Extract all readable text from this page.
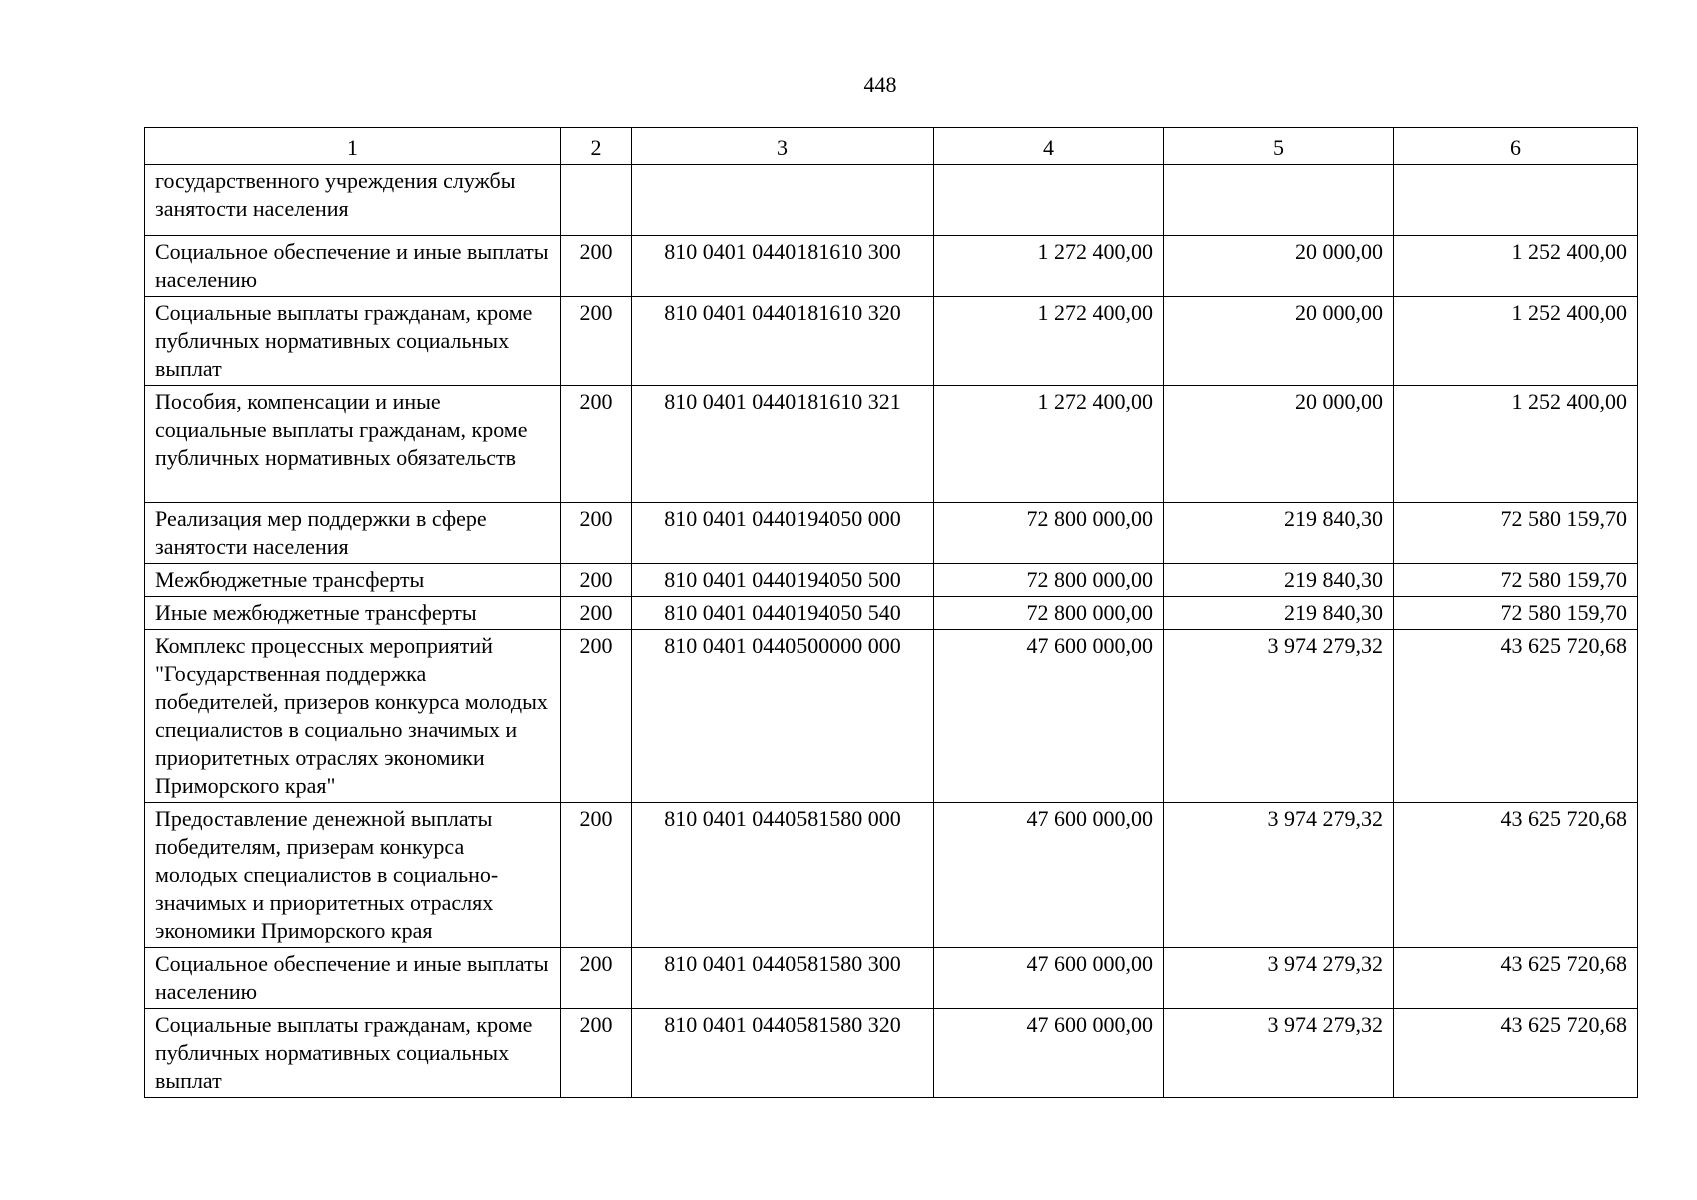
448
1	2	3	4	5	6
государственного учреждения службы занятости населения					
Социальное обеспечение и иные выплаты населению	200	810 0401 0440181610 300	1 272 400,00	20 000,00	1 252 400,00
Социальные выплаты гражданам, кроме публичных нормативных социальных выплат	200	810 0401 0440181610 320	1 272 400,00	20 000,00	1 252 400,00
Пособия, компенсации и иные социальные выплаты гражданам, кроме публичных нормативных обязательств	200	810 0401 0440181610 321	1 272 400,00	20 000,00	1 252 400,00
Реализация мер поддержки в сфере занятости населения	200	810 0401 0440194050 000	72 800 000,00	219 840,30	72 580 159,70
Межбюджетные трансферты	200	810 0401 0440194050 500	72 800 000,00	219 840,30	72 580 159,70
Иные межбюджетные трансферты	200	810 0401 0440194050 540	72 800 000,00	219 840,30	72 580 159,70
Комплекс процессных мероприятий "Государственная поддержка победителей, призеров конкурса молодых специалистов в социально значимых и приоритетных отраслях экономики Приморского края"	200	810 0401 0440500000 000	47 600 000,00	3 974 279,32	43 625 720,68
Предоставление денежной выплаты победителям, призерам конкурса молодых специалистов в социально-значимых и приоритетных отраслях экономики Приморского края	200	810 0401 0440581580 000	47 600 000,00	3 974 279,32	43 625 720,68
Социальное обеспечение и иные выплаты населению	200	810 0401 0440581580 300	47 600 000,00	3 974 279,32	43 625 720,68
Социальные выплаты гражданам, кроме публичных нормативных социальных выплат	200	810 0401 0440581580 320	47 600 000,00	3 974 279,32	43 625 720,68
